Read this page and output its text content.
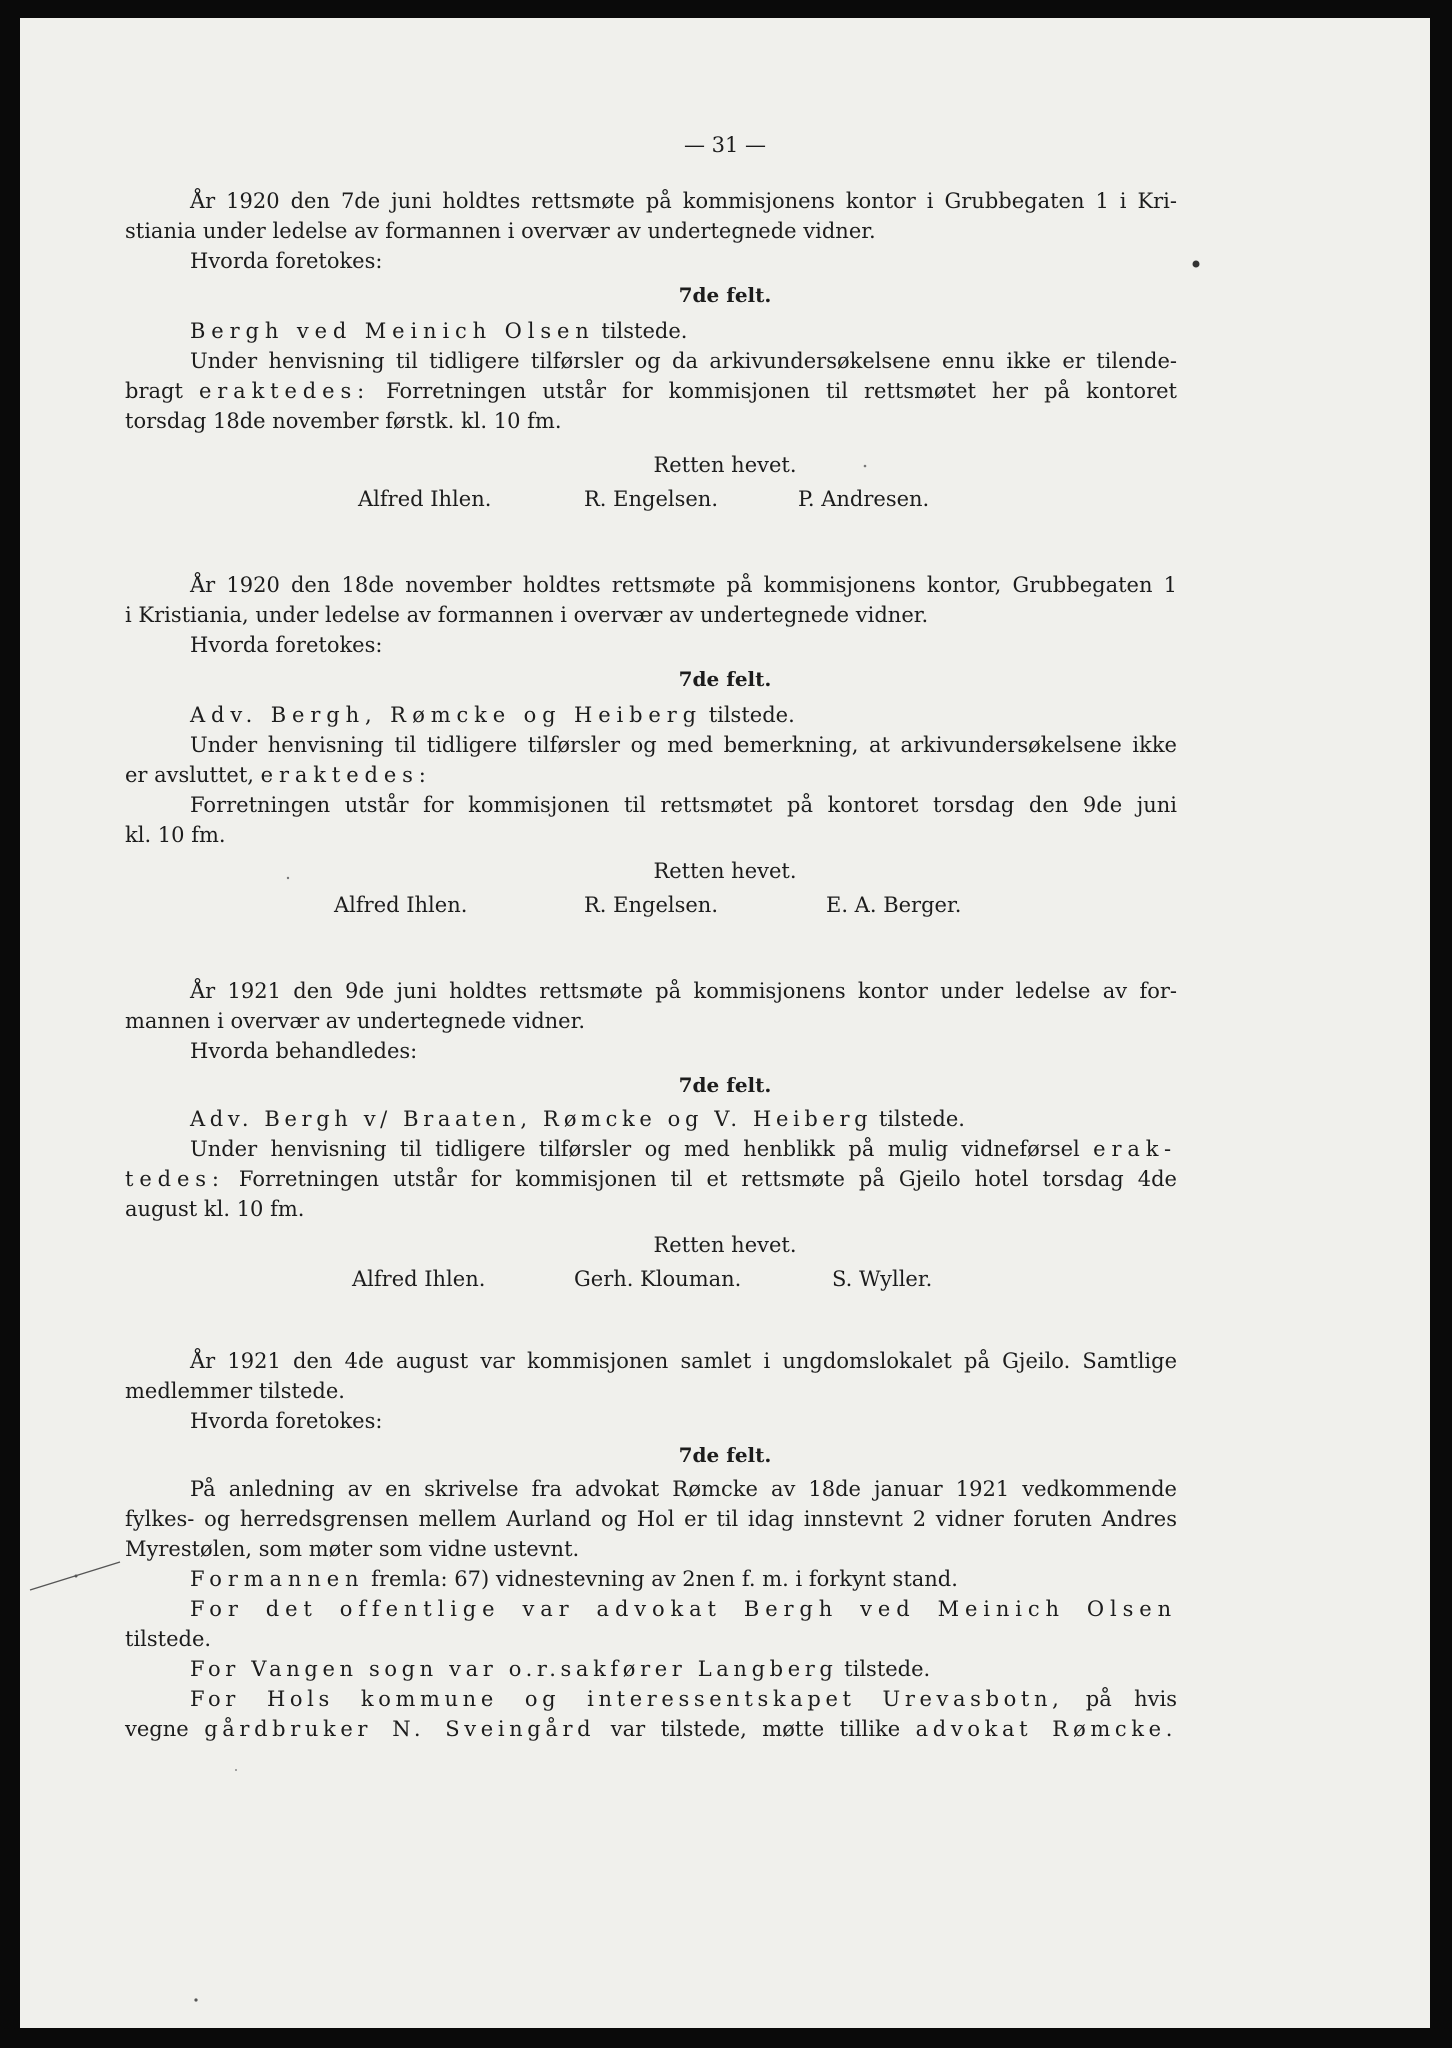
— 31 —
År 1920 den 7de juni holdtes rettsmøte på kommisjonens kontor i Grubbegaten 1 i Kri-
stiania under ledelse av formannen i overvær av undertegnede vidner.
Hvorda foretokes:
7de felt.
Bergh ved Meinich Olsen tilstede.
Under henvisning til tidligere tilførsler og da arkivundersøkelsene ennu ikke er tilende-
bragt eraktedes: Forretningen utstår for kommisjonen til rettsmøtet her på kontoret
torsdag 18de november førstk. kl. 10 fm.
Retten hevet.
Alfred Ihlen.	R. Engelsen.	P. Andresen.
År 1920 den 18de november holdtes rettsmøte på kommisjonens kontor, Grubbegaten 1
i Kristiania, under ledelse av formannen i overvær av undertegnede vidner.
Hvorda foretokes:
7de felt.
Adv. Bergh, Rømcke og Heiberg tilstede.
Under henvisning til tidligere tilførsler og med bemerkning, at arkivundersøkelsene ikke
er avsluttet, eraktedes:
Forretningen utstår for kommisjonen til rettsmøtet på kontoret torsdag den 9de juni
kl. 10 fm.
Retten hevet.
Alfred Ihlen.	R. Engelsen.	E. A. Berger.
År 1921 den 9de juni holdtes rettsmøte på kommisjonens kontor under ledelse av for-
mannen i overvær av undertegnede vidner.
Hvorda behandledes:
7de felt.
Adv. Bergh v/ Braaten, Rømcke og V. Heiberg tilstede.
Under henvisning til tidligere tilførsler og med henblikk på mulig vidneførsel erak-
tedes: Forretningen utstår for kommisjonen til et rettsmøte på Gjeilo hotel torsdag 4de
august kl. 10 fm.
Retten hevet.
Alfred Ihlen.	Gerh. Klouman.	S. Wyller.
År 1921 den 4de august var kommisjonen samlet i ungdomslokalet på Gjeilo. Samtlige
medlemmer tilstede.
Hvorda foretokes:
7de felt.
På anledning av en skrivelse fra advokat Rømcke av 18de januar 1921 vedkommende
fylkes- og herredsgrensen mellem Aurland og Hol er til idag innstevnt 2 vidner foruten Andres
Myrestølen, som møter som vidne ustevnt.
Formannen fremla: 67) vidnestevning av 2nen f. m. i forkynt stand.
For det offentlige var advokat Bergh ved Meinich Olsen
tilstede.
For Vangen sogn var o.r.sakfører Langberg tilstede.
For Hols kommune og interessentskapet Urevasbotn, på hvis
vegne gårdbruker N. Sveingård var tilstede, møtte tillike advokat Rømcke.
